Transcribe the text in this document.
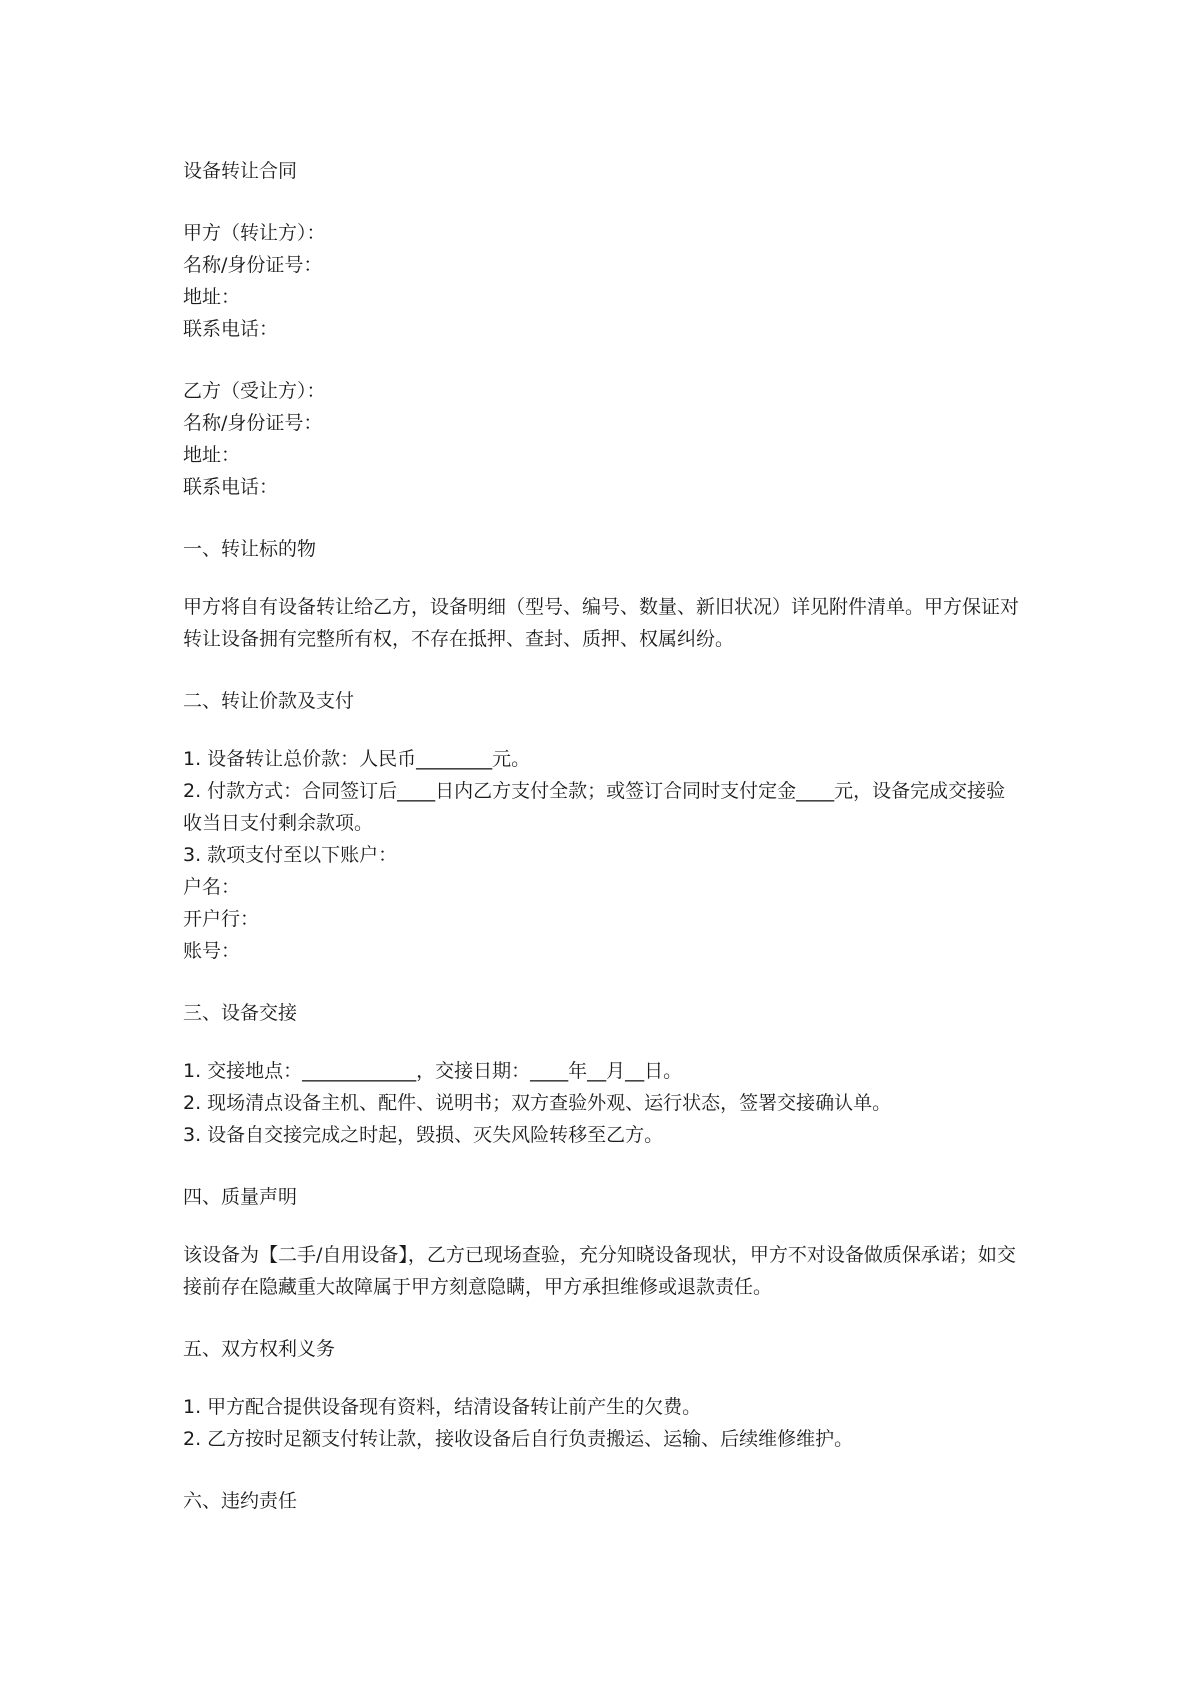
设备转让合同
甲方（转让方）：
名称/身份证号：
地址：
联系电话：
乙方（受让方）：
名称/身份证号：
地址：
联系电话：
一、转让标的物
甲方将自有设备转让给乙方，设备明细（型号、编号、数量、新旧状况）详见附件清单。甲方保证对转让设备拥有完整所有权，不存在抵押、查封、质押、权属纠纷。
二、转让价款及支付
1. 设备转让总价款：人民币________元。
2. 付款方式：合同签订后____日内乙方支付全款；或签订合同时支付定金____元，设备完成交接验收当日支付剩余款项。
3. 款项支付至以下账户：
户名：
开户行：
账号：
三、设备交接
1. 交接地点：____________，交接日期：____年__月__日。
2. 现场清点设备主机、配件、说明书；双方查验外观、运行状态，签署交接确认单。
3. 设备自交接完成之时起，毁损、灭失风险转移至乙方。
四、质量声明
该设备为【二手/自用设备】，乙方已现场查验，充分知晓设备现状，甲方不对设备做质保承诺；如交接前存在隐藏重大故障属于甲方刻意隐瞒，甲方承担维修或退款责任。
五、双方权利义务
1. 甲方配合提供设备现有资料，结清设备转让前产生的欠费。
2. 乙方按时足额支付转让款，接收设备后自行负责搬运、运输、后续维修维护。
六、违约责任
